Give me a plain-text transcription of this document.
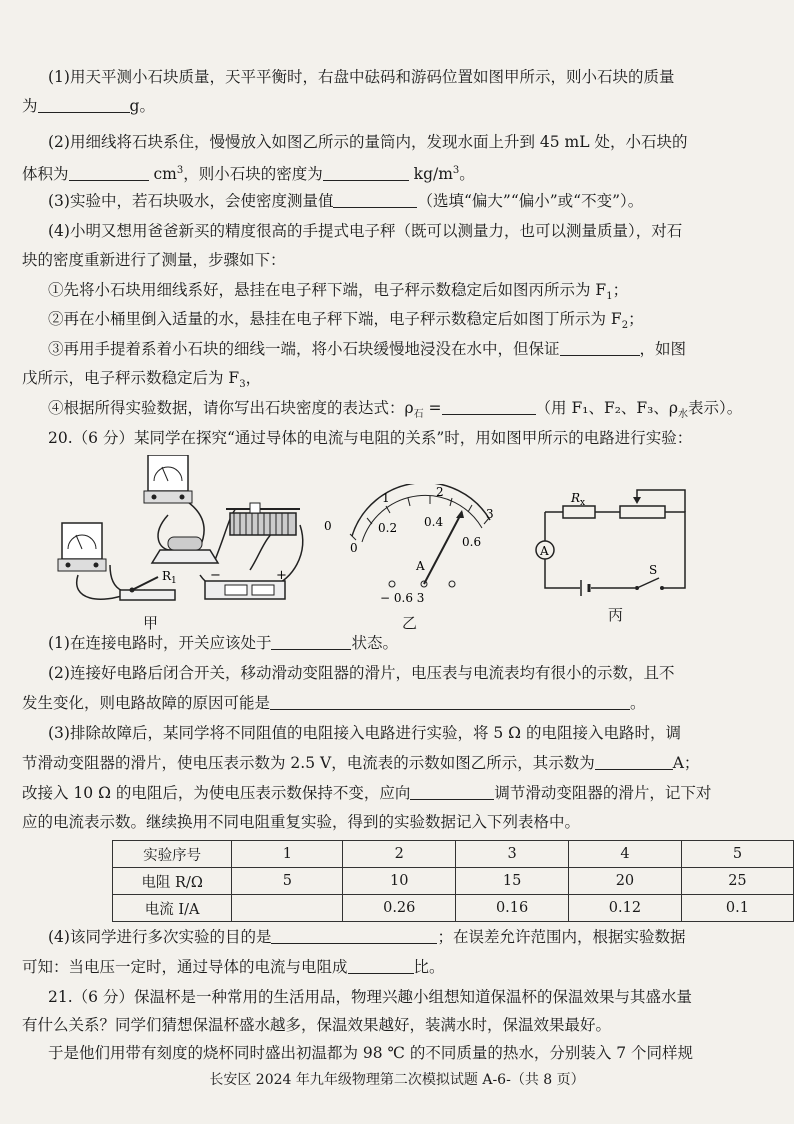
(1)用天平测小石块质量，天平平衡时，右盘中砝码和游码位置如图甲所示，则小石块的质量
为	g。
(2)用细线将石块系住，慢慢放入如图乙所示的量筒内，发现水面上升到 45 mL 处，小石块的
体积为	$cm^3$，则小石块的密度为	$kg/m^3$。
(3)实验中，若石块吸水，会使密度测量值	（选填“偏大”“偏小”或“不变”）。
(4)小明又想用爸爸新买的精度很高的手提式电子秤（既可以测量力，也可以测量质量），对石
块的密度重新进行了测量，步骤如下：
①先将小石块用细线系好，悬挂在电子秤下端，电子秤示数稳定后如图丙所示为 $F_1$；
②再在小桶里倒入适量的水，悬挂在电子秤下端，电子秤示数稳定后如图丁所示为 $F_2$；
③再用手提着系着小石块的细线一端，将小石块缓慢地浸没在水中，但保证	，如图
戊所示，电子秤示数稳定后为 $F_3$，
④根据所得实验数据，请你写出石块密度的表达式：$\rho_石$ =	（用 F₁、F₂、F₃、$\rho_水$表示）。
20.（6 分）某同学在探究“通过导体的电流与电阻的关系”时，用如图甲所示的电路进行实验：
$R_1$	−	+
甲
1	2
3
0
0
0.2 0.4
0.6
A
− 0.6 3
乙
$R_x$
A
S
丙
(1)在连接电路时，开关应该处于	状态。
(2)连接好电路后闭合开关，移动滑动变阻器的滑片，电压表与电流表均有很小的示数，且不
发生变化，则电路故障的原因可能是	。
(3)排除故障后，某同学将不同阻值的电阻接入电路进行实验，将 5 Ω 的电阻接入电路时，调
节滑动变阻器的滑片，使电压表示数为 2.5 V，电流表的示数如图乙所示，其示数为	A；
改接入 10 Ω 的电阻后，为使电压表示数保持不变，应向	调节滑动变阻器的滑片，记下对
应的电流表示数。继续换用不同电阻重复实验，得到的实验数据记入下列表格中。
实验序号	1	2	3	4	5
电阻 R/Ω	5	10	15	20	25
电流 I/A		0.26	0.16	0.12	0.1
(4)该同学进行多次实验的目的是	；在误差允许范围内，根据实验数据
可知：当电压一定时，通过导体的电流与电阻成	比。
21.（6 分）保温杯是一种常用的生活用品，物理兴趣小组想知道保温杯的保温效果与其盛水量
有什么关系？同学们猜想保温杯盛水越多，保温效果越好，装满水时，保温效果最好。
于是他们用带有刻度的烧杯同时盛出初温都为 98 ℃ 的不同质量的热水，分别装入 7 个同样规
长安区 2024 年九年级物理第二次模拟试题 A-6-（共 8 页）
